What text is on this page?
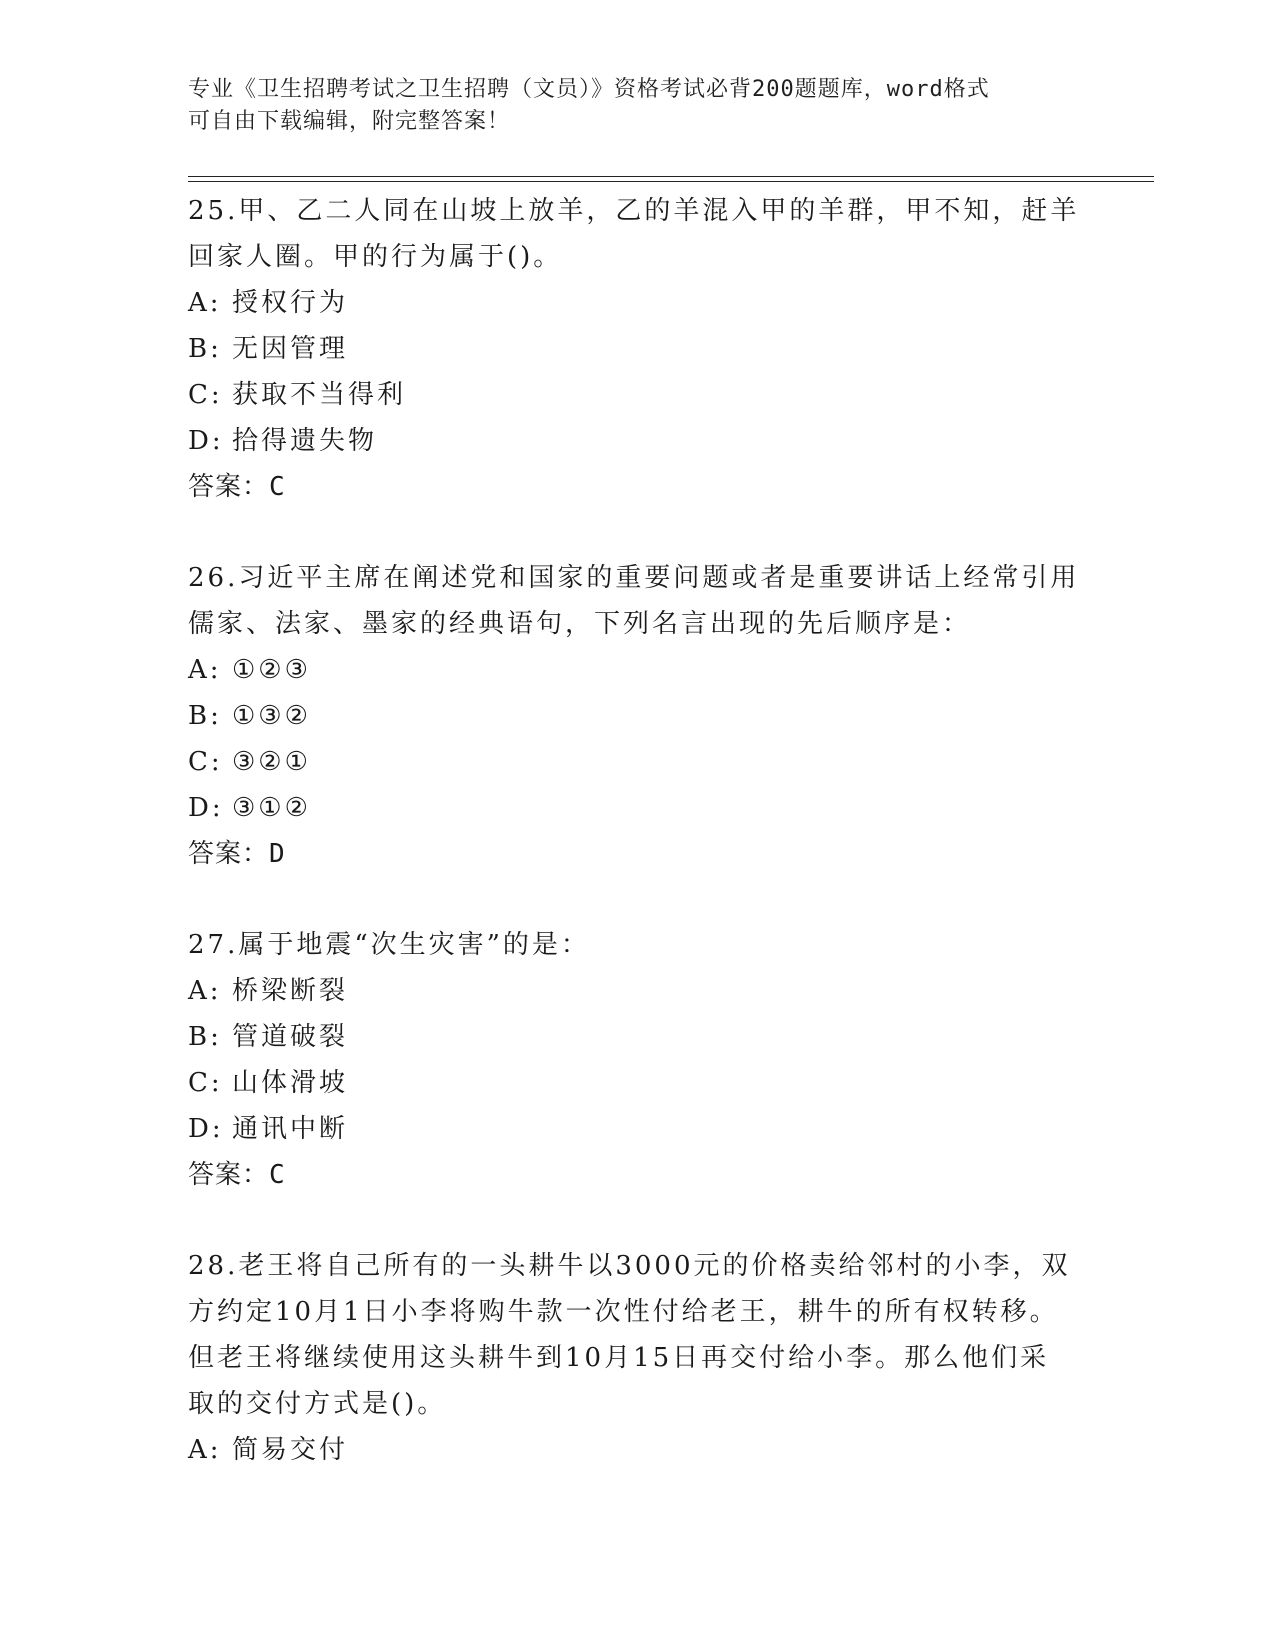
专业《卫生招聘考试之卫生招聘（文员）》资格考试必背200题题库，word格式
可自由下载编辑，附完整答案！
25.甲、乙二人同在山坡上放羊，乙的羊混入甲的羊群，甲不知，赶羊
回家人圈。甲的行为属于()。
A: 授权行为
B: 无因管理
C: 获取不当得利
D: 拾得遗失物
答案：C
26.习近平主席在阐述党和国家的重要问题或者是重要讲话上经常引用
儒家、法家、墨家的经典语句，下列名言出现的先后顺序是：
A: ①②③
B: ①③②
C: ③②①
D: ③①②
答案：D
27.属于地震“次生灾害”的是：
A: 桥梁断裂
B: 管道破裂
C: 山体滑坡
D: 通讯中断
答案：C
28.老王将自己所有的一头耕牛以3000元的价格卖给邻村的小李，双
方约定10月1日小李将购牛款一次性付给老王，耕牛的所有权转移。
但老王将继续使用这头耕牛到10月15日再交付给小李。那么他们采
取的交付方式是()。
A: 简易交付
